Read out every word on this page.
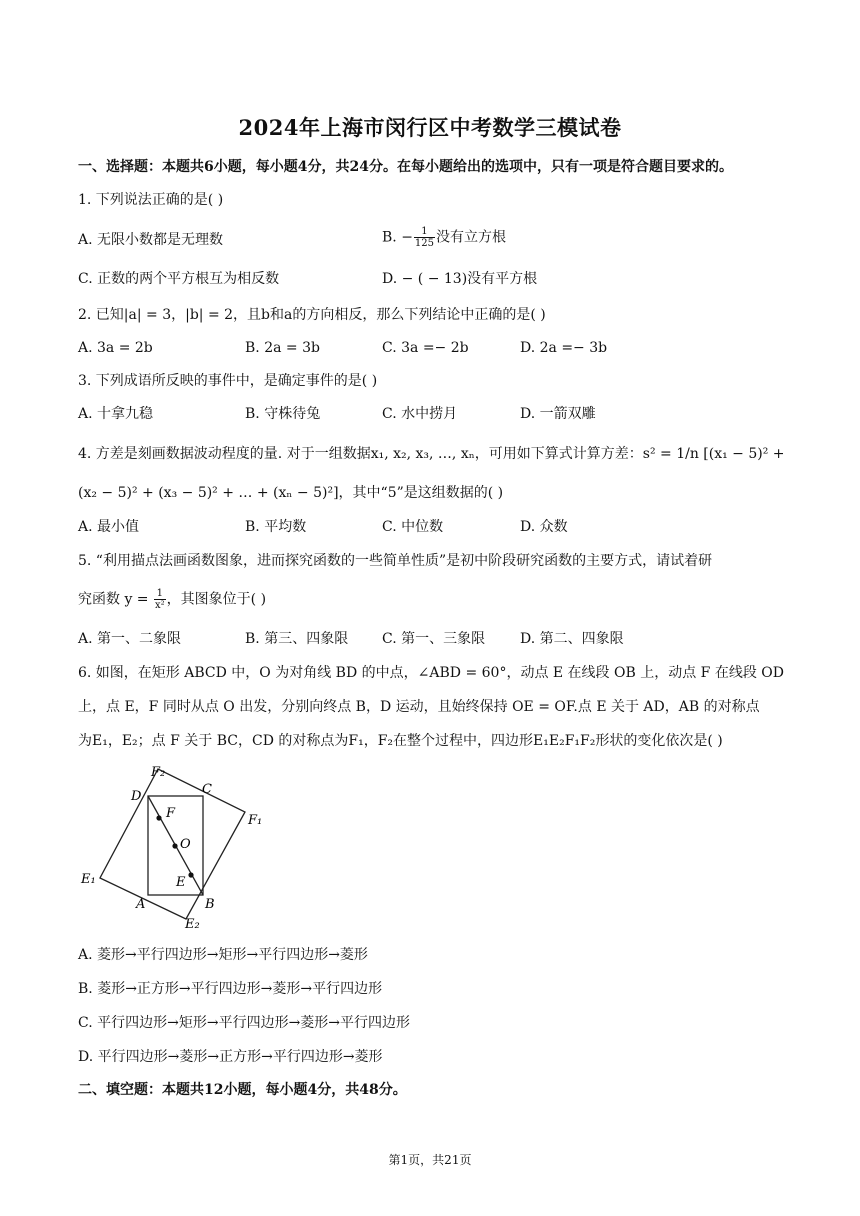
2024年上海市闵行区中考数学三模试卷
一、选择题：本题共6小题，每小题4分，共24分。在每小题给出的选项中，只有一项是符合题目要求的。
1. 下列说法正确的是( )
A. 无限小数都是无理数	B. − $\frac{1}{125}$ 没有立方根
C. 正数的两个平方根互为相反数	D. − ( − 13)没有平方根
2. 已知|a| = 3，|b| = 2，且b和a的方向相反，那么下列结论中正确的是( )
A. 3a = 2b	B. 2a = 3b	C. 3a =− 2b	D. 2a =− 3b
3. 下列成语所反映的事件中，是确定事件的是( )
A. 十拿九稳	B. 守株待兔	C. 水中捞月	D. 一箭双雕
4. 方差是刻画数据波动程度的量. 对于一组数据x₁, x₂, x₃, …, xₙ，可用如下算式计算方差：s² = 1/n [(x₁ − 5)² +
(x₂ − 5)² + (x₃ − 5)² + … + (xₙ − 5)²]，其中“5”是这组数据的( )
A. 最小值	B. 平均数	C. 中位数	D. 众数
5. “利用描点法画函数图象，进而探究函数的一些简单性质”是初中阶段研究函数的主要方式，请试着研
究函数 $y = \frac{1}{\text{x²}}$ ，其图象位于( )
A. 第一、二象限	B. 第三、四象限 C. 第一、三象限 D. 第二、四象限
6. 如图，在矩形 ABCD 中，O 为对角线 BD 的中点，∠ABD = 60°，动点 E 在线段 OB 上，动点 F 在线段 OD
上，点 E，F 同时从点 O 出发，分别向终点 B，D 运动，且始终保持 OE = OF.点 E 关于 AD，AB 的对称点
为E₁，E₂；点 F 关于 BC，CD 的对称点为F₁，F₂在整个过程中，四边形E₁E₂F₁F₂形状的变化依次是( )
F₂
D	C
F₁
F
O
E₁	E
A	B
E₂
A. 菱形→平行四边形→矩形→平行四边形→菱形
B. 菱形→正方形→平行四边形→菱形→平行四边形
C. 平行四边形→矩形→平行四边形→菱形→平行四边形
D. 平行四边形→菱形→正方形→平行四边形→菱形
二、填空题：本题共12小题，每小题4分，共48分。
第1页，共21页
